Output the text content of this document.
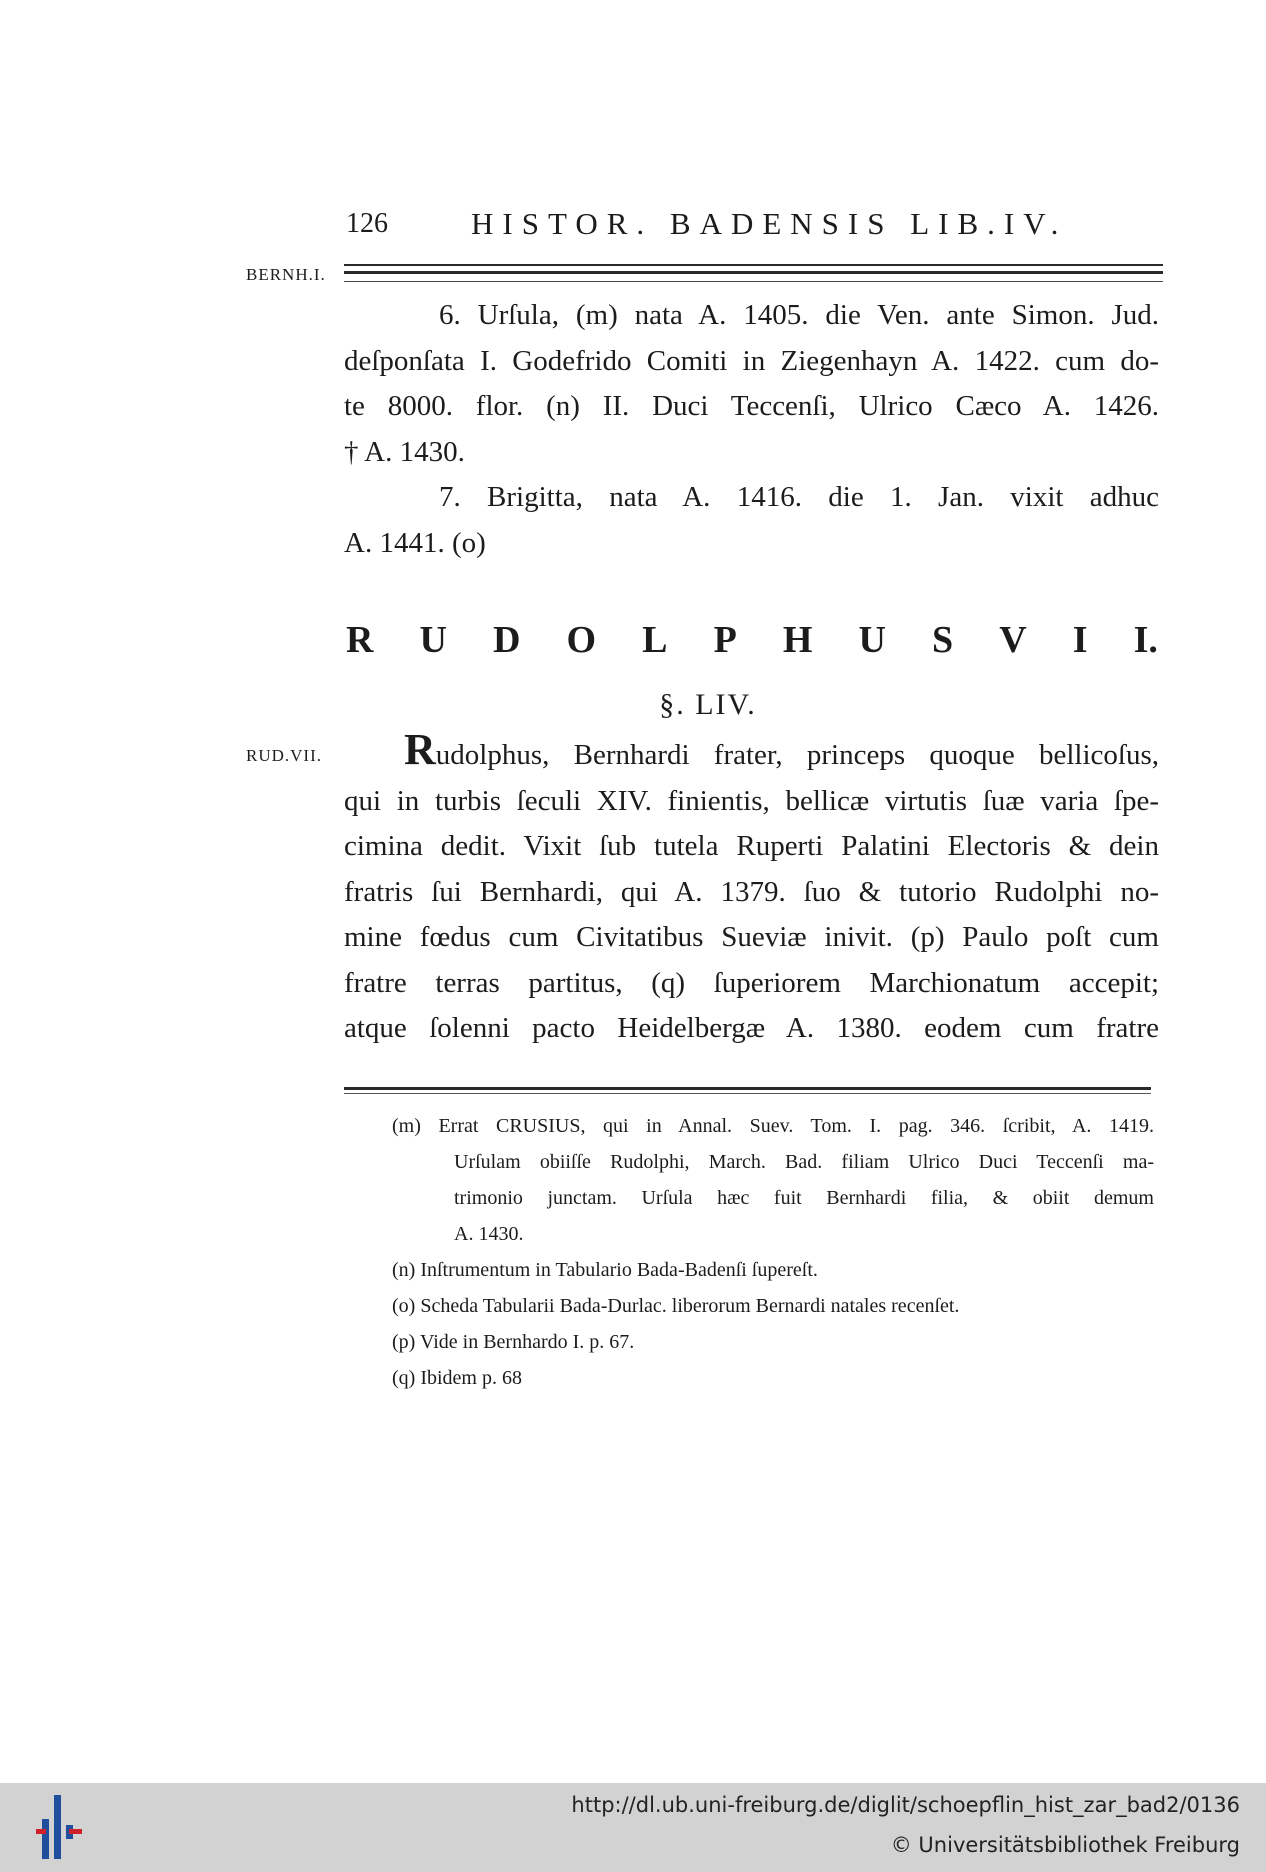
126	HISTOR. BADENSIS LIB.IV.
BERNH.I.
6. Urſula, (m) nata A. 1405. die Ven. ante Simon. Jud.
deſponſata I. Godefrido Comiti in Ziegenhayn A. 1422. cum do-
te 8000. flor. (n) II. Duci Teccenſi, Ulrico Cæco A. 1426.
† A. 1430.
7. Brigitta, nata A. 1416. die 1. Jan. vixit adhuc
A. 1441. (o)
R U D O L P H U S V I I.
§. LIV.
RUD.VII.	Rudolphus, Bernhardi frater, princeps quoque bellicoſus,
qui in turbis ſeculi XIV. finientis, bellicæ virtutis ſuæ varia ſpe-
cimina dedit. Vixit ſub tutela Ruperti Palatini Electoris & dein
fratris ſui Bernhardi, qui A. 1379. ſuo & tutorio Rudolphi no-
mine fœdus cum Civitatibus Sueviæ inivit. (p) Paulo poſt cum
fratre terras partitus, (q) ſuperiorem Marchionatum accepit;
atque ſolenni pacto Heidelbergæ A. 1380. eodem cum fratre
(m) Errat CRUSIUS, qui in Annal. Suev. Tom. I. pag. 346. ſcribit, A. 1419.
Urſulam obiiſſe Rudolphi, March. Bad. filiam Ulrico Duci Teccenſi ma-
trimonio junctam. Urſula hæc fuit Bernhardi filia, & obiit demum
A. 1430.
(n) Inſtrumentum in Tabulario Bada-Badenſi ſupereſt.
(o) Scheda Tabularii Bada-Durlac. liberorum Bernardi natales recenſet.
(p) Vide in Bernhardo I. p. 67.
(q) Ibidem p. 68
http://dl.ub.uni-freiburg.de/diglit/schoepflin_hist_zar_bad2/0136
© Universitätsbibliothek Freiburg
